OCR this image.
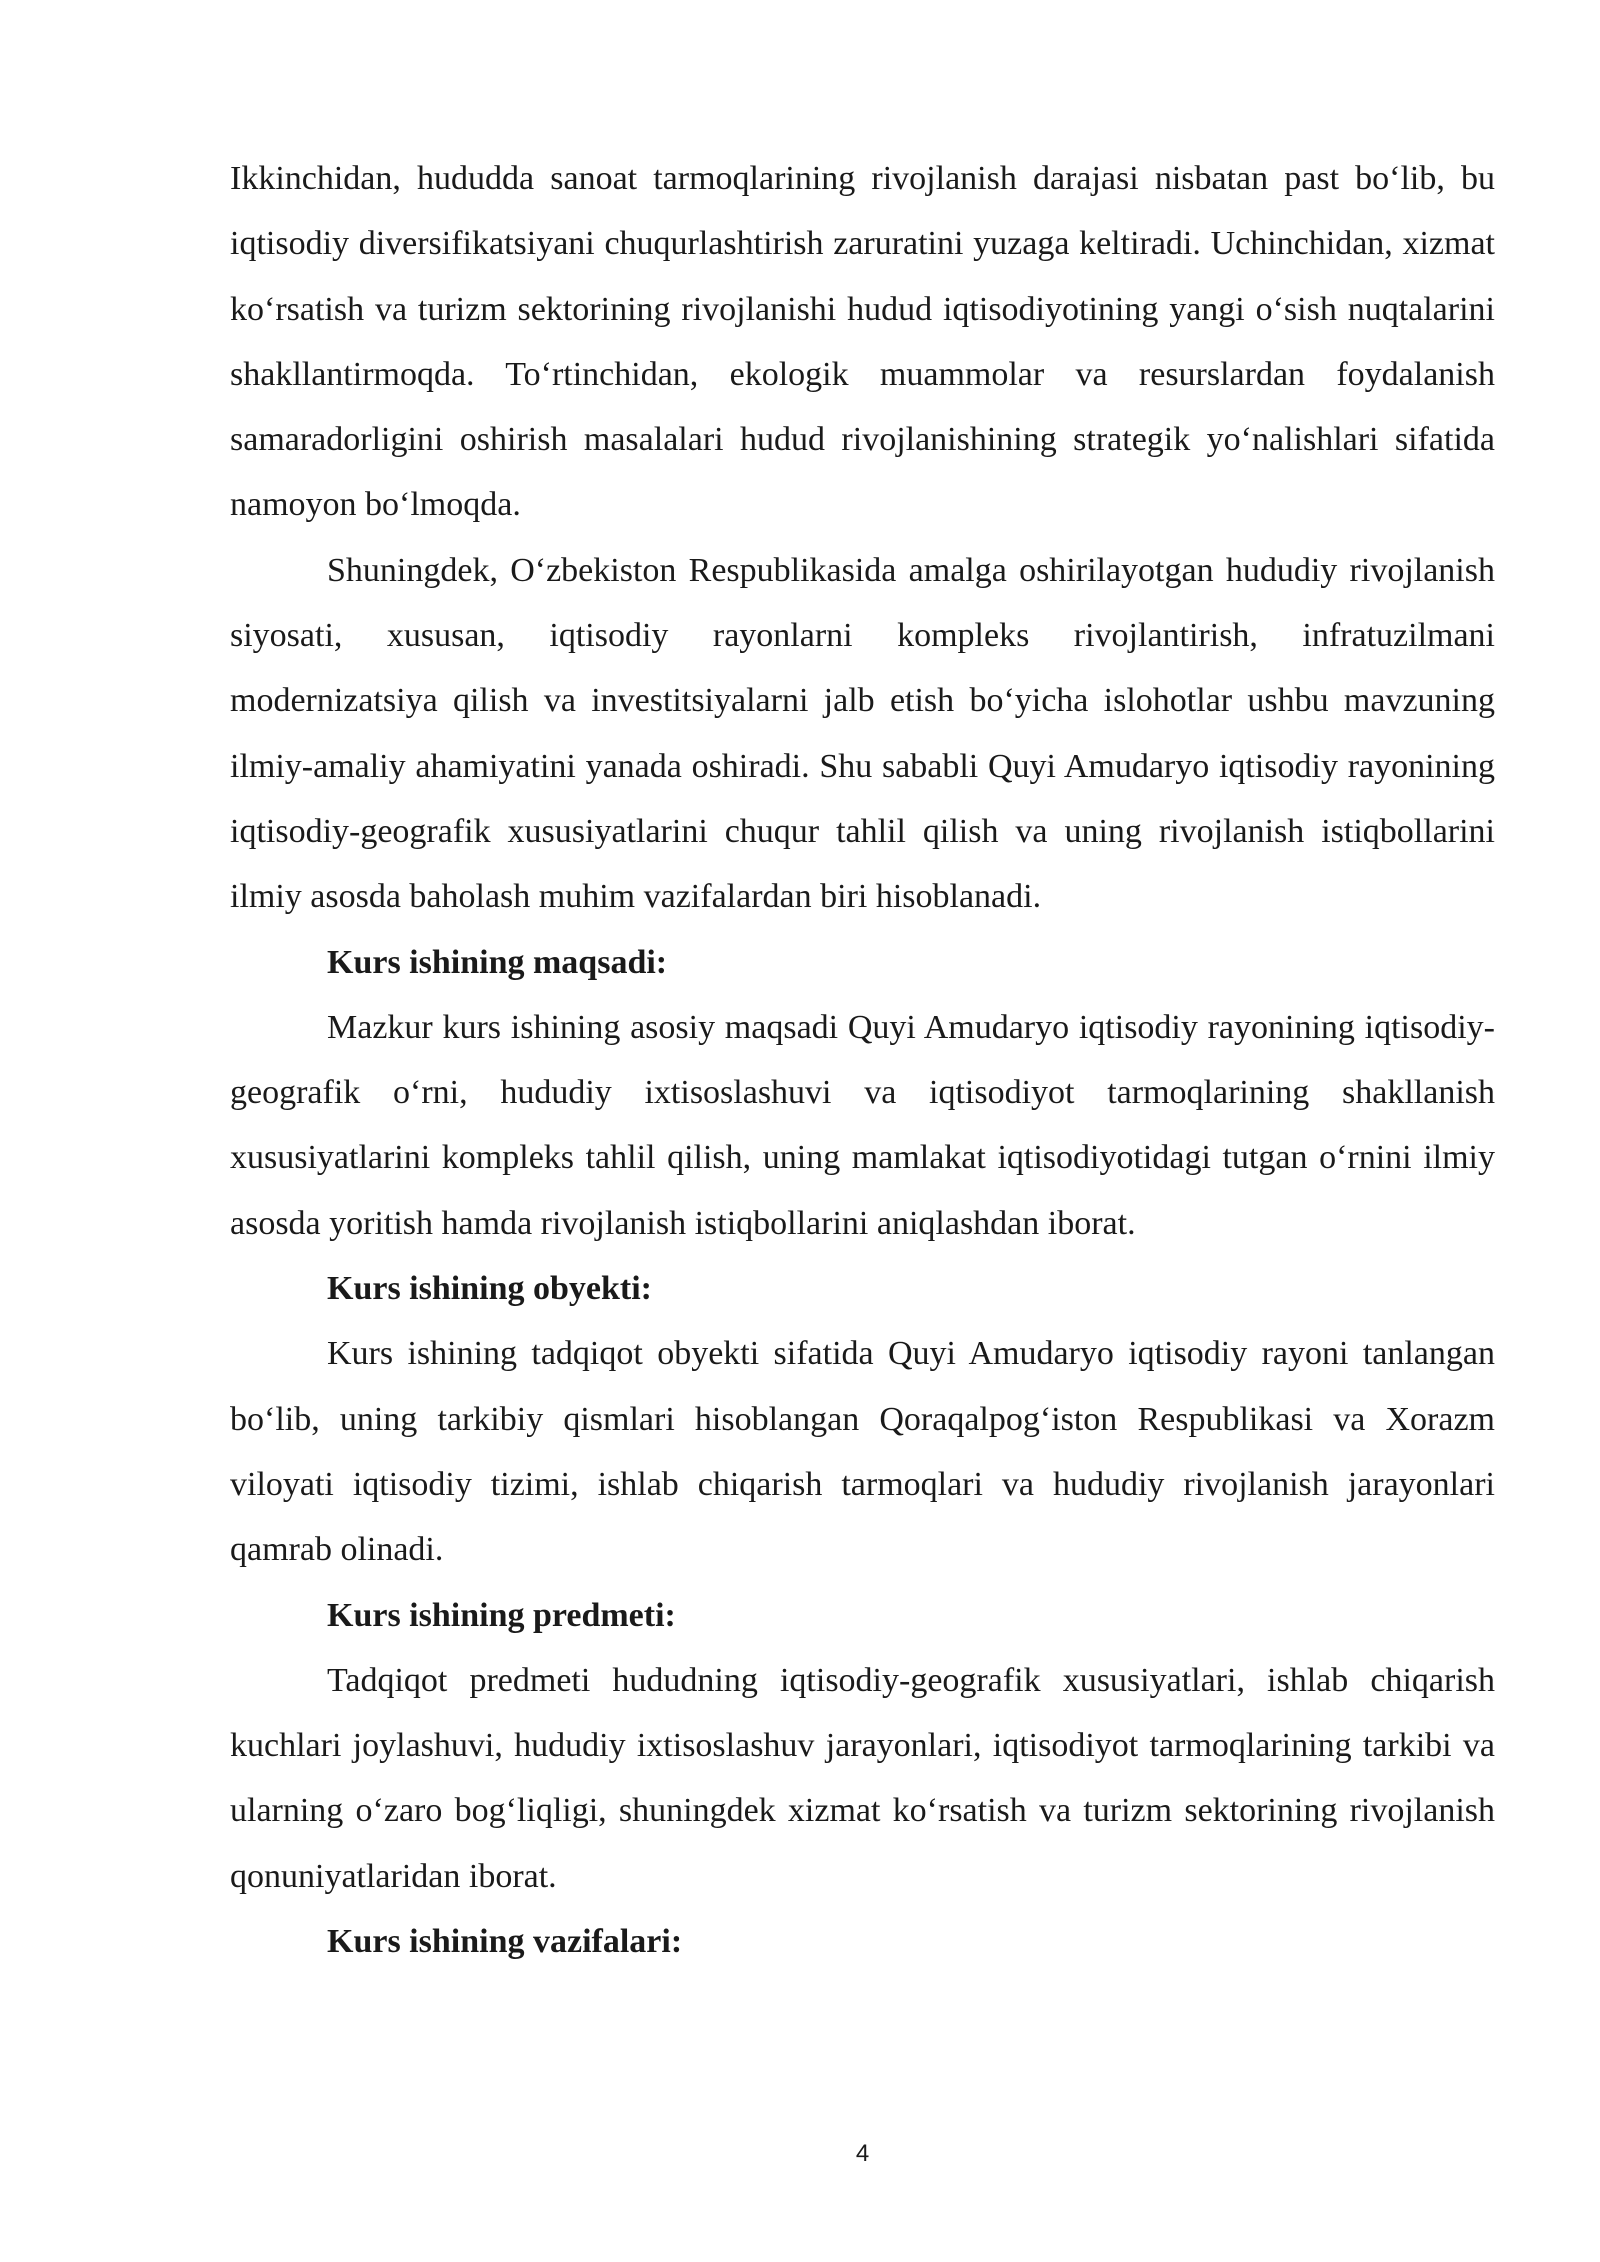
Ikkinchidan, hududda sanoat tarmoqlarining rivojlanish darajasi nisbatan past bo‘lib, bu iqtisodiy diversifikatsiyani chuqurlashtirish zaruratini yuzaga keltiradi. Uchinchidan, xizmat ko‘rsatish va turizm sektorining rivojlanishi hudud iqtisodiyotining yangi o‘sish nuqtalarini shakllantirmoqda. To‘rtinchidan, ekologik muammolar va resurslardan foydalanish samaradorligini oshirish masalalari hudud rivojlanishining strategik yo‘nalishlari sifatida namoyon bo‘lmoqda.

Shuningdek, O‘zbekiston Respublikasida amalga oshirilayotgan hududiy rivojlanish siyosati, xususan, iqtisodiy rayonlarni kompleks rivojlantirish, infratuzilmani modernizatsiya qilish va investitsiyalarni jalb etish bo‘yicha islohotlar ushbu mavzuning ilmiy-amaliy ahamiyatini yanada oshiradi. Shu sababli Quyi Amudaryo iqtisodiy rayonining iqtisodiy-geografik xususiyatlarini chuqur tahlil qilish va uning rivojlanish istiqbollarini ilmiy asosda baholash muhim vazifalardan biri hisoblanadi.

Kurs ishining maqsadi:

Mazkur kurs ishining asosiy maqsadi Quyi Amudaryo iqtisodiy rayonining iqtisodiy-geografik o‘rni, hududiy ixtisoslashuvi va iqtisodiyot tarmoqlarining shakllanish xususiyatlarini kompleks tahlil qilish, uning mamlakat iqtisodiyotidagi tutgan o‘rnini ilmiy asosda yoritish hamda rivojlanish istiqbollarini aniqlashdan iborat.

Kurs ishining obyekti:

Kurs ishining tadqiqot obyekti sifatida Quyi Amudaryo iqtisodiy rayoni tanlangan bo‘lib, uning tarkibiy qismlari hisoblangan Qoraqalpog‘iston Respublikasi va Xorazm viloyati iqtisodiy tizimi, ishlab chiqarish tarmoqlari va hududiy rivojlanish jarayonlari qamrab olinadi.

Kurs ishining predmeti:

Tadqiqot predmeti hududning iqtisodiy-geografik xususiyatlari, ishlab chiqarish kuchlari joylashuvi, hududiy ixtisoslashuv jarayonlari, iqtisodiyot tarmoqlarining tarkibi va ularning o‘zaro bog‘liqligi, shuningdek xizmat ko‘rsatish va turizm sektorining rivojlanish qonuniyatlaridan iborat.

Kurs ishining vazifalari:

4
